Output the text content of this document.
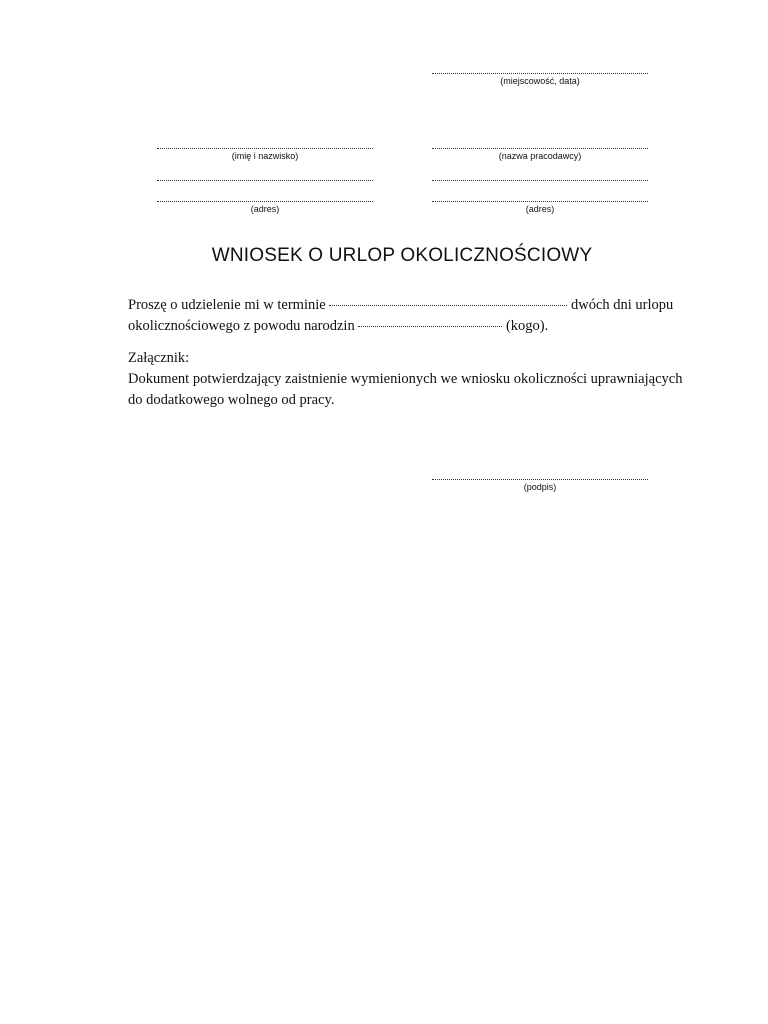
(miejscowość, data)
(imię i nazwisko)	(nazwa pracodawcy)
(adres)	(adres)
WNIOSEK O URLOP OKOLICZNOŚCIOWY
Proszę o udzielenie mi w terminie	dwóch dni urlopu
okolicznościowego z powodu narodzin	(kogo).
Załącznik:
Dokument potwierdzający zaistnienie wymienionych we wniosku okoliczności uprawniających
do dodatkowego wolnego od pracy.
(podpis)
